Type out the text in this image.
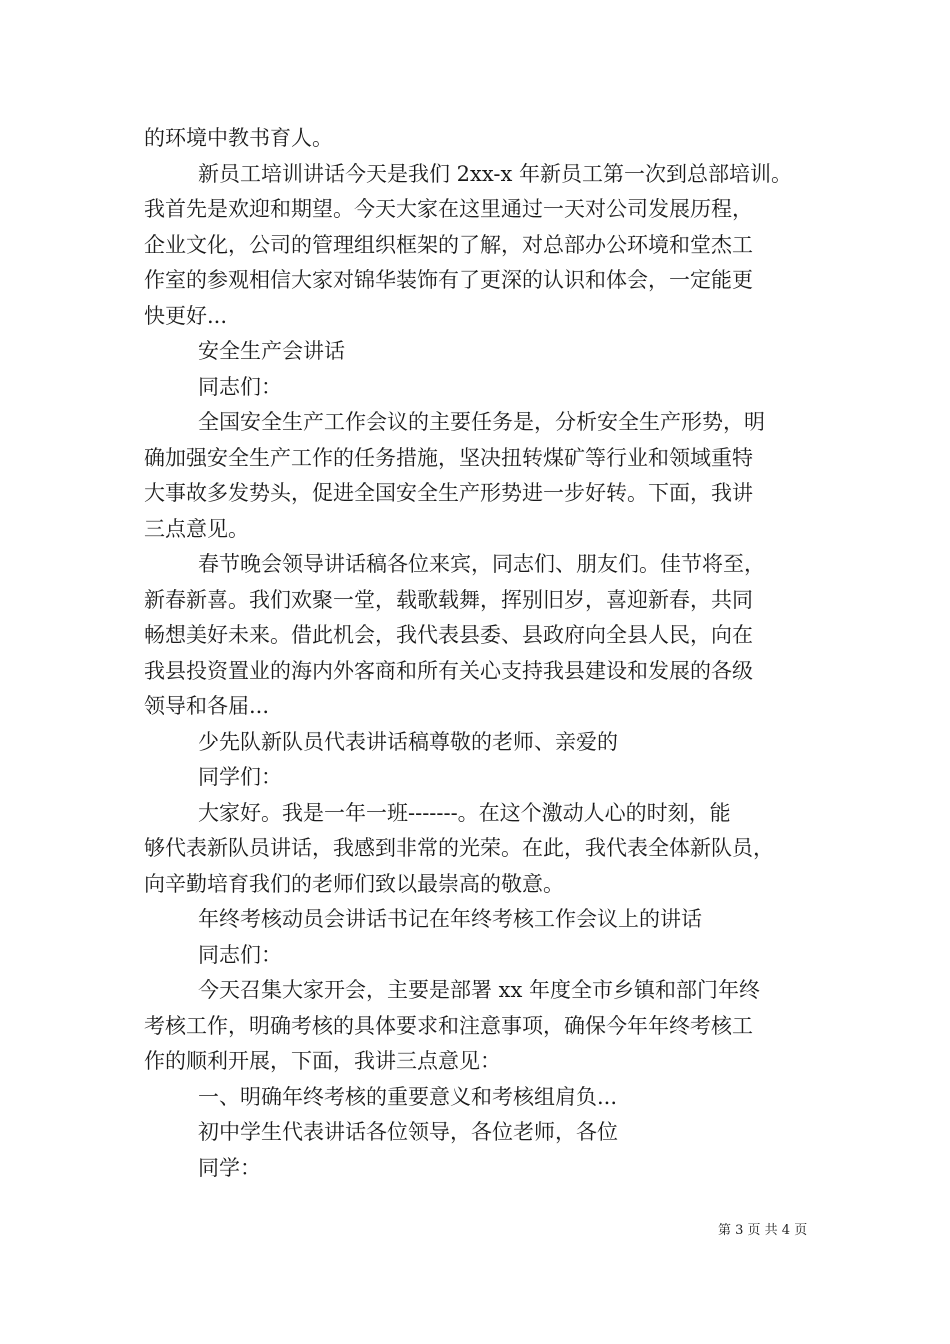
的环境中教书育人。
新员工培训讲话今天是我们 2xx-x 年新员工第一次到总部培训。
我首先是欢迎和期望。今天大家在这里通过一天对公司发展历程，
企业文化，公司的管理组织框架的了解，对总部办公环境和堂杰工
作室的参观相信大家对锦华装饰有了更深的认识和体会，一定能更
快更好...
安全生产会讲话
同志们：
全国安全生产工作会议的主要任务是，分析安全生产形势，明
确加强安全生产工作的任务措施，坚决扭转煤矿等行业和领域重特
大事故多发势头，促进全国安全生产形势进一步好转。下面，我讲
三点意见。
春节晚会领导讲话稿各位来宾，同志们、朋友们。佳节将至，
新春新喜。我们欢聚一堂，载歌载舞，挥别旧岁，喜迎新春，共同
畅想美好未来。借此机会，我代表县委、县政府向全县人民，向在
我县投资置业的海内外客商和所有关心支持我县建设和发展的各级
领导和各届...
少先队新队员代表讲话稿尊敬的老师、亲爱的
同学们：
大家好。我是一年一班-------。在这个激动人心的时刻，能
够代表新队员讲话，我感到非常的光荣。在此，我代表全体新队员，
向辛勤培育我们的老师们致以最崇高的敬意。
年终考核动员会讲话书记在年终考核工作会议上的讲话
同志们：
今天召集大家开会，主要是部署 xx 年度全市乡镇和部门年终
考核工作，明确考核的具体要求和注意事项，确保今年年终考核工
作的顺利开展，下面，我讲三点意见：
一、明确年终考核的重要意义和考核组肩负...
初中学生代表讲话各位领导，各位老师，各位
同学：
第 3 页 共 4 页
